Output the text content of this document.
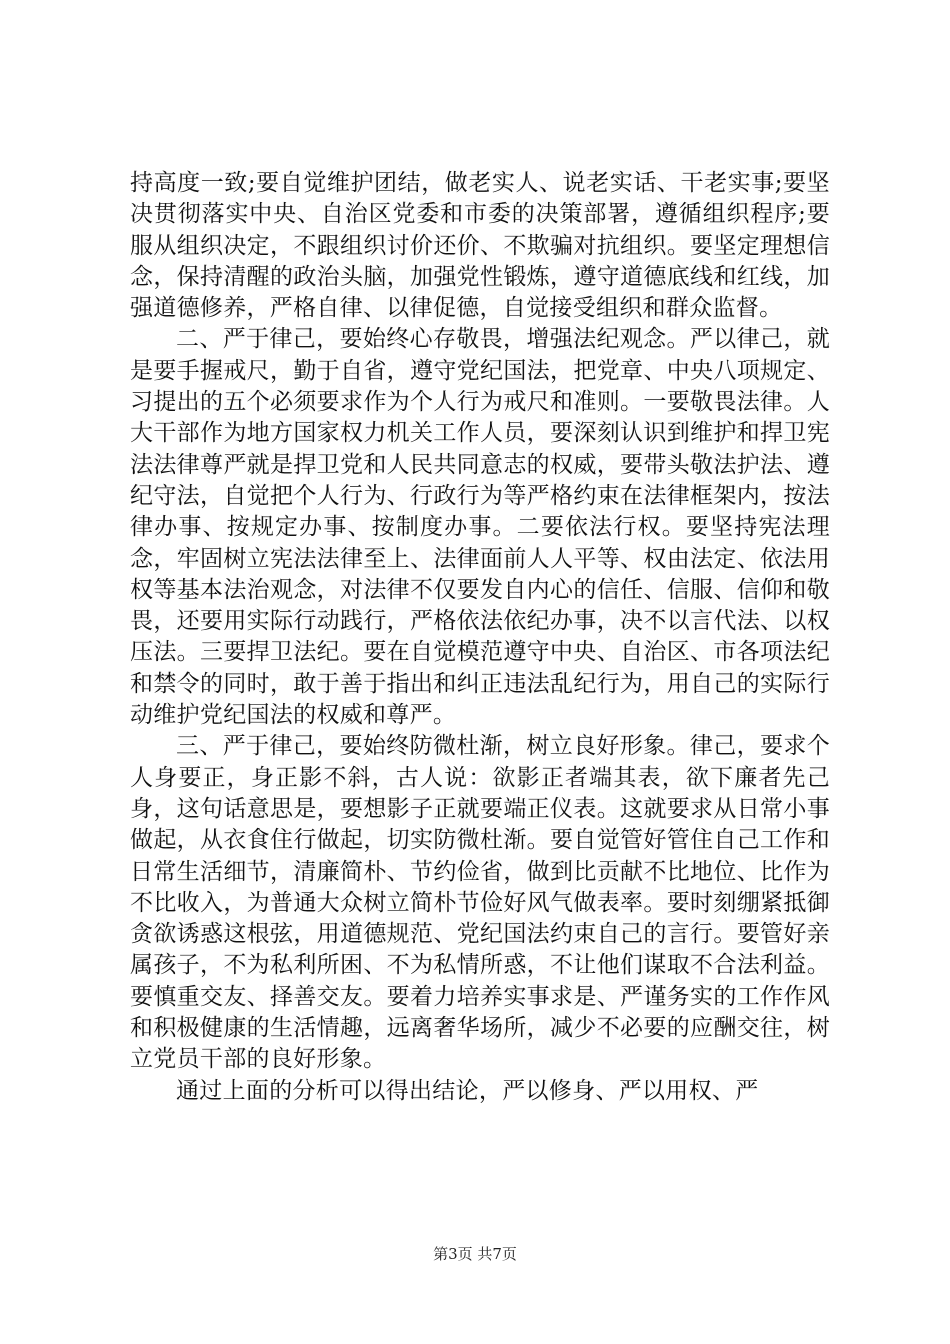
持高度一致;要自觉维护团结，做老实人、说老实话、干老实事;要坚决贯彻落实中央、自治区党委和市委的决策部署，遵循组织程序;要服从组织决定，不跟组织讨价还价、不欺骗对抗组织。要坚定理想信念，保持清醒的政治头脑，加强党性锻炼，遵守道德底线和红线，加强道德修养，严格自律、以律促德，自觉接受组织和群众监督。

二、严于律己，要始终心存敬畏，增强法纪观念。严以律己，就是要手握戒尺，勤于自省，遵守党纪国法，把党章、中央八项规定、习提出的五个必须要求作为个人行为戒尺和准则。一要敬畏法律。人大干部作为地方国家权力机关工作人员，要深刻认识到维护和捍卫宪法法律尊严就是捍卫党和人民共同意志的权威，要带头敬法护法、遵纪守法，自觉把个人行为、行政行为等严格约束在法律框架内，按法律办事、按规定办事、按制度办事。二要依法行权。要坚持宪法理念，牢固树立宪法法律至上、法律面前人人平等、权由法定、依法用权等基本法治观念，对法律不仅要发自内心的信任、信服、信仰和敬畏，还要用实际行动践行，严格依法依纪办事，决不以言代法、以权压法。三要捍卫法纪。要在自觉模范遵守中央、自治区、市各项法纪和禁令的同时，敢于善于指出和纠正违法乱纪行为，用自己的实际行动维护党纪国法的权威和尊严。

三、严于律己，要始终防微杜渐，树立良好形象。律己，要求个人身要正，身正影不斜，古人说：欲影正者端其表，欲下廉者先己身，这句话意思是，要想影子正就要端正仪表。这就要求从日常小事做起，从衣食住行做起，切实防微杜渐。要自觉管好管住自己工作和日常生活细节，清廉简朴、节约俭省，做到比贡献不比地位、比作为不比收入，为普通大众树立简朴节俭好风气做表率。要时刻绷紧抵御贪欲诱惑这根弦，用道德规范、党纪国法约束自己的言行。要管好亲属孩子，不为私利所困、不为私情所惑，不让他们谋取不合法利益。要慎重交友、择善交友。要着力培养实事求是、严谨务实的工作作风和积极健康的生活情趣，远离奢华场所，减少不必要的应酬交往，树立党员干部的良好形象。

通过上面的分析可以得出结论，严以修身、严以用权、严

第3页 共7页
